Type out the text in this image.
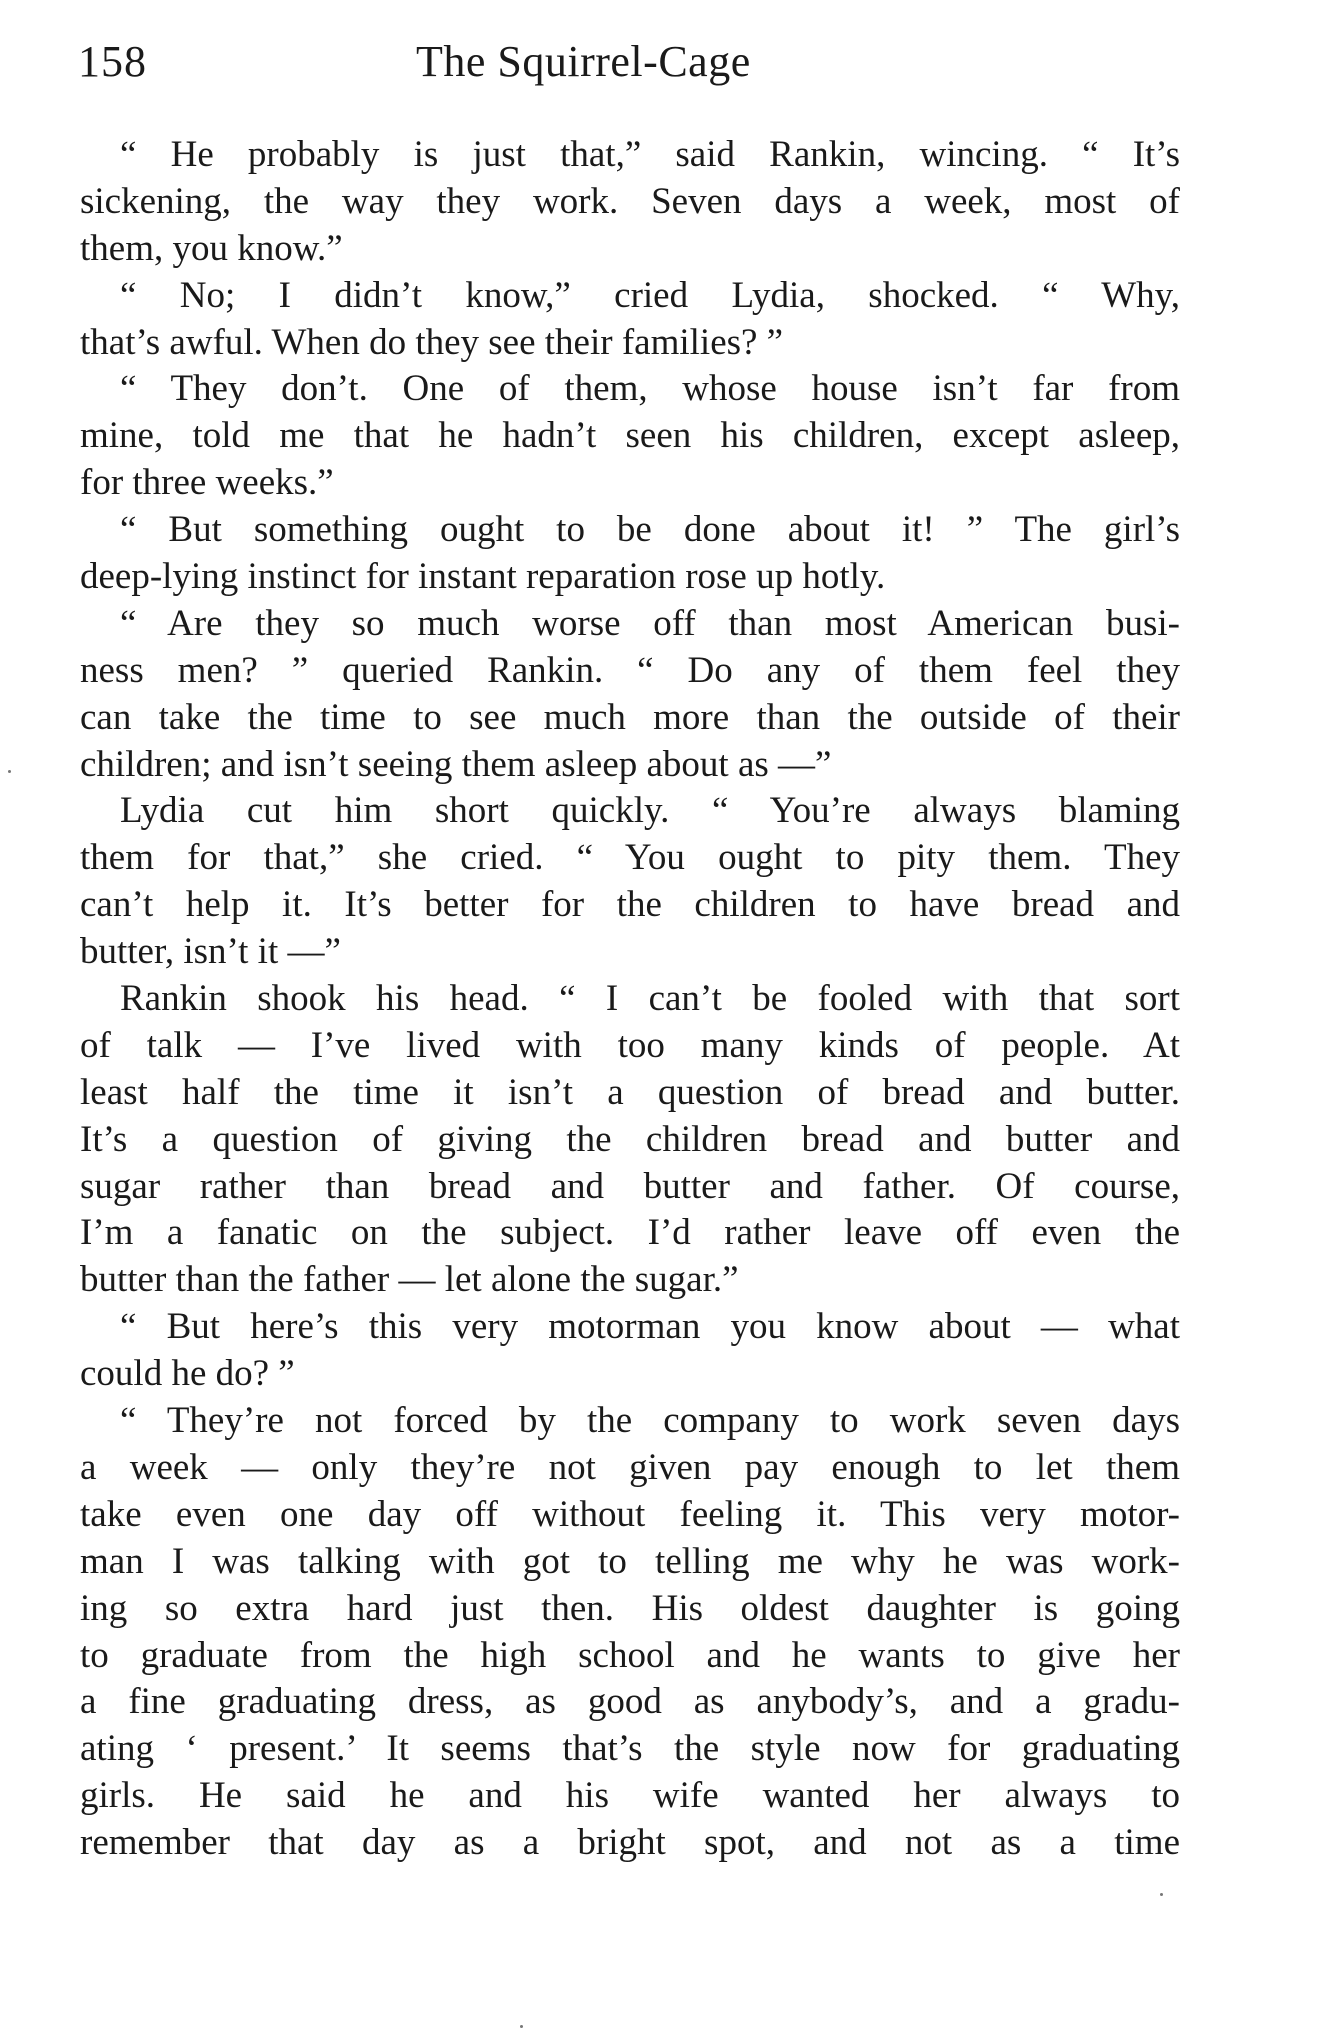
158	The Squirrel-Cage
“ He probably is just that,” said Rankin, wincing. “ It’s
sickening, the way they work. Seven days a week, most of
them, you know.”
“ No; I didn’t know,” cried Lydia, shocked. “ Why,
that’s awful. When do they see their families? ”
“ They don’t. One of them, whose house isn’t far from
mine, told me that he hadn’t seen his children, except asleep,
for three weeks.”
“ But something ought to be done about it! ” The girl’s
deep-lying instinct for instant reparation rose up hotly.
“ Are they so much worse off than most American busi-
ness men? ” queried Rankin. “ Do any of them feel they
can take the time to see much more than the outside of their
children; and isn’t seeing them asleep about as —”
Lydia cut him short quickly. “ You’re always blaming
them for that,” she cried. “ You ought to pity them. They
can’t help it. It’s better for the children to have bread and
butter, isn’t it —”
Rankin shook his head. “ I can’t be fooled with that sort
of talk — I’ve lived with too many kinds of people. At
least half the time it isn’t a question of bread and butter.
It’s a question of giving the children bread and butter and
sugar rather than bread and butter and father. Of course,
I’m a fanatic on the subject. I’d rather leave off even the
butter than the father — let alone the sugar.”
“ But here’s this very motorman you know about — what
could he do? ”
“ They’re not forced by the company to work seven days
a week — only they’re not given pay enough to let them
take even one day off without feeling it. This very motor-
man I was talking with got to telling me why he was work-
ing so extra hard just then. His oldest daughter is going
to graduate from the high school and he wants to give her
a fine graduating dress, as good as anybody’s, and a gradu-
ating ‘ present.’ It seems that’s the style now for graduating
girls. He said he and his wife wanted her always to
remember that day as a bright spot, and not as a time
